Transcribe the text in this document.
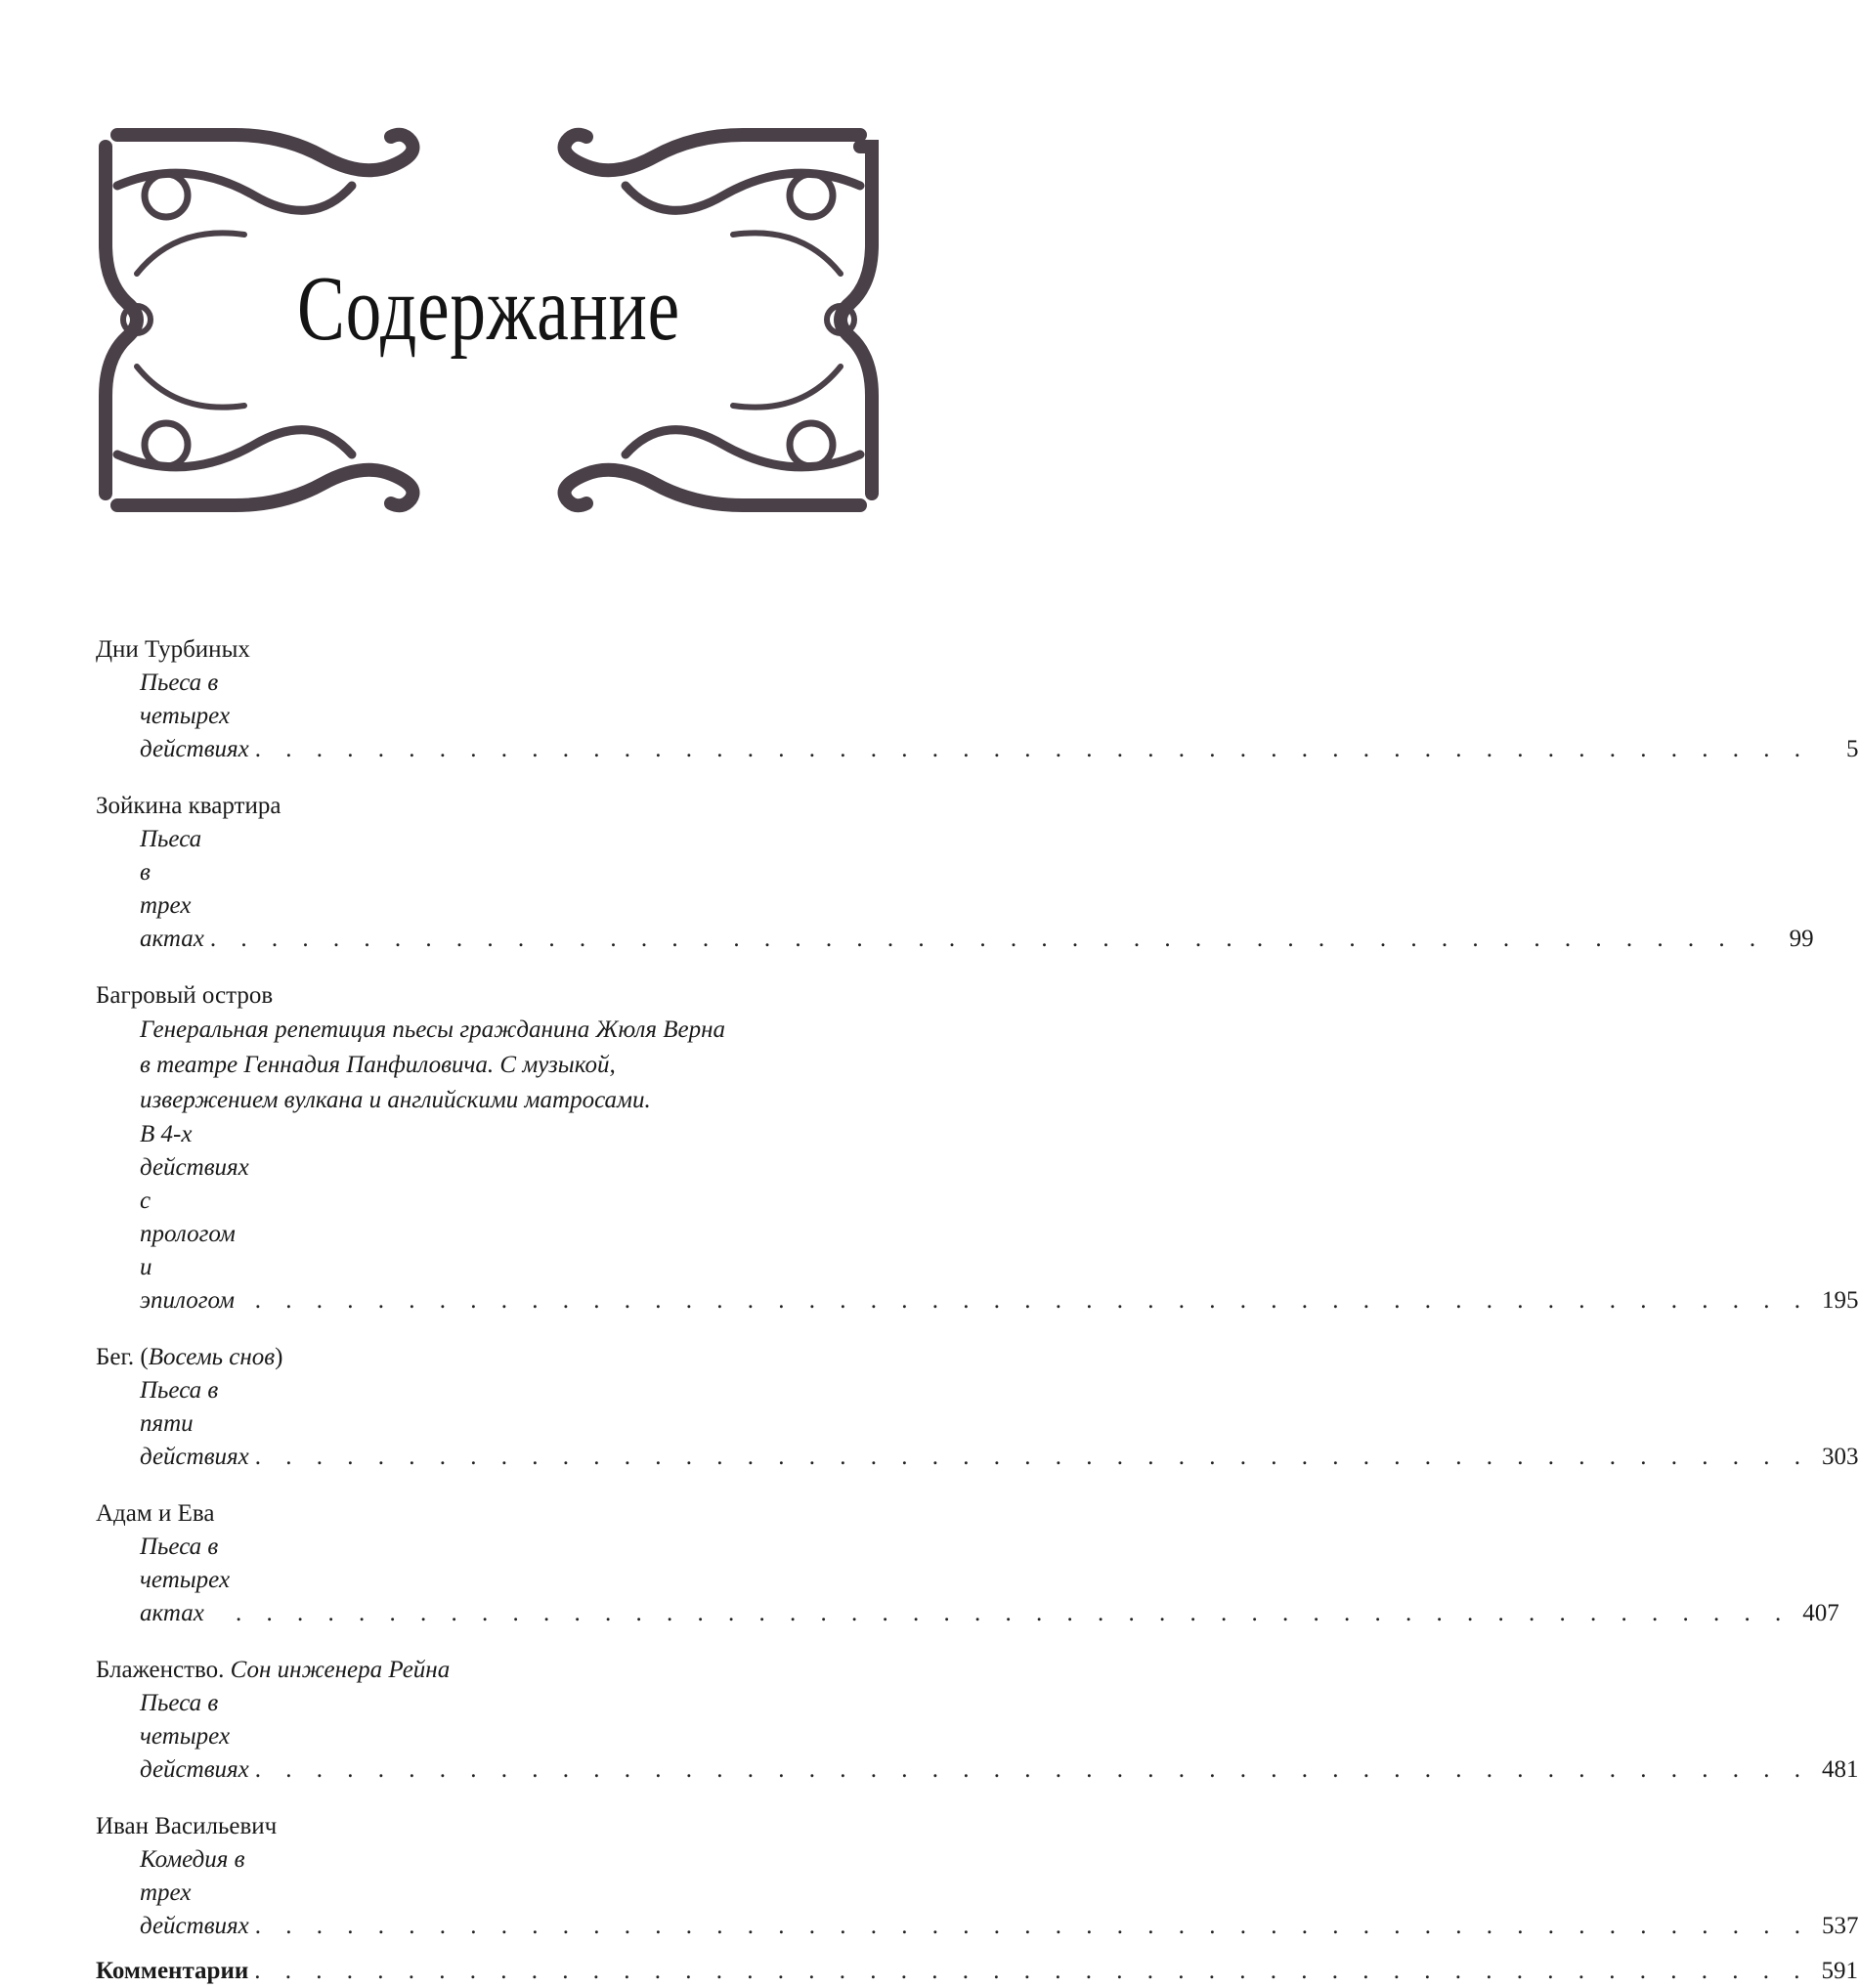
Содержание
Дни Турбиных
Пьеса в четырех действиях . . . . . . . . . . . . . . . . . . . . . . . . . . . . . . . . . . . . . . . . . . . . . . . . . . .	5
Зойкина квартира
Пьеса в трех актах . . . . . . . . . . . . . . . . . . . . . . . . . . . . . . . . . . . . . . . . . . . . . . . . . . .	99
Багровый остров
Генеральная репетиция пьесы гражданина Жюля Верна
в театре Геннадия Панфиловича. С музыкой,
извержением вулкана и английскими матросами.
В 4-х действиях с прологом и эпилогом . . . . . . . . . . . . . . . . . . . . . . . . . . . . . . . . . . . . . . . . . . . . . . . . . . . 195
Бег. (Восемь снов)
Пьеса в пяти действиях . . . . . . . . . . . . . . . . . . . . . . . . . . . . . . . . . . . . . . . . . . . . . . . . . . . 303
Адам и Ева
Пьеса в четырех актах	. . . . . . . . . . . . . . . . . . . . . . . . . . . . . . . . . . . . . . . . . . . . . . . . . . . 407
Блаженство. Сон инженера Рейна
Пьеса в четырех действиях . . . . . . . . . . . . . . . . . . . . . . . . . . . . . . . . . . . . . . . . . . . . . . . . . . . 481
Иван Васильевич
Комедия в трех действиях . . . . . . . . . . . . . . . . . . . . . . . . . . . . . . . . . . . . . . . . . . . . . . . . . . . 537
Комментарии . . . . . . . . . . . . . . . . . . . . . . . . . . . . . . . . . . . . . . . . . . . . . . . . . . . 591
